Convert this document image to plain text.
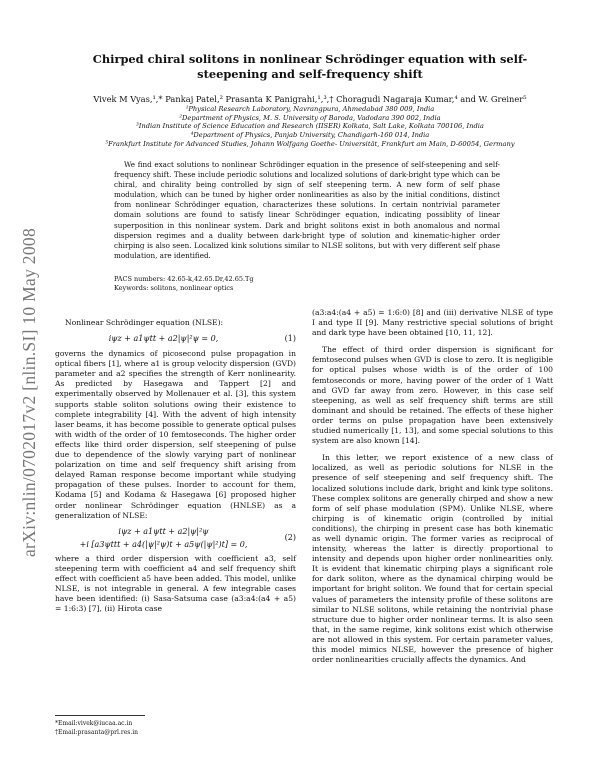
arXiv:nlin/0702017v2 [nlin.SI] 10 May 2008
Chirped chiral solitons in nonlinear Schrödinger equation with self-steepening and self-frequency shift
Vivek M Vyas,¹,* Pankaj Patel,² Prasanta K Panigrahi,¹,³,† Choragudi Nagaraja Kumar,⁴ and W. Greiner⁵
¹Physical Research Laboratory, Navrangpura, Ahmedabad 380 009, India
²Department of Physics, M. S. University of Baroda, Vadodara 390 002, India
³Indian Institute of Science Education and Research (IISER) Kolkata, Salt Lake, Kolkata 700106, India
⁴Department of Physics, Panjab University, Chandigarh-160 014, India
⁵Frankfurt Institute for Advanced Studies, Johann Wolfgang Goethe- Universität, Frankfurt am Main, D-60054, Germany
We find exact solutions to nonlinear Schrödinger equation in the presence of self-steepening and self-frequency shift. These include periodic solutions and localized solutions of dark-bright type which can be chiral, and chirality being controlled by sign of self steepening term. A new form of self phase modulation, which can be tuned by higher order nonlinearities as also by the initial conditions, distinct from nonlinear Schrödinger equation, characterizes these solutions. In certain nontrivial parameter domain solutions are found to satisfy linear Schrödinger equation, indicating possiblity of linear superposition in this nonlinear system. Dark and bright solitons exist in both anomalous and normal dispersion regimes and a duality between dark-bright type of solution and kinematic-higher order chirping is also seen. Localized kink solutions similar to NLSE solitons, but with very different self phase modulation, are identified.
PACS numbers: 42.65-k,42.65.Dr,42.65.Tg
Keywords: solitons, nonlinear optics

Nonlinear Schrödinger equation (NLSE):

iψz + a1ψtt + a2|ψ|²ψ = 0,	(1)

governs the dynamics of picosecond pulse propagation in optical fibers [1], where a1 is group velocity dispersion (GVD) parameter and a2 specifies the strength of Kerr nonlinearity. As predicted by Hasegawa and Tappert [2] and experimentally observed by Mollenauer et al. [3], this system supports stable soliton solutions owing their existence to complete integrability [4]. With the advent of high intensity laser beams, it has become possible to generate optical pulses with width of the order of 10 femtoseconds. The higher order effects like third order dispersion, self steepening of pulse due to dependence of the slowly varying part of nonlinear polarization on time and self frequency shift arising from delayed Raman response become important while studying propagation of these pulses. Inorder to account for them, Kodama [5] and Kodama & Hasegawa [6] proposed higher order nonlinear Schrödinger equation (HNLSE) as a generalization of NLSE:

iψz + a1ψtt + a2|ψ|²ψ
+i [a3ψttt + a4(|ψ|²ψ)t + a5ψ(|ψ|²)t] = 0,
(2)

where a third order dispersion with coefficient a3, self steepening term with coefficient a4 and self frequency shift effect with coefficient a5 have been added. This model, unlike NLSE, is not integrable in general. A few integrable cases have been identified: (i) Sasa-Satsuma case (a3:a4:(a4 + a5) = 1:6:3) [7], (ii) Hirota case

(a3:a4:(a4 + a5) = 1:6:0) [8] and (iii) derivative NLSE of type I and type II [9]. Many restrictive special solutions of bright and dark type have been obtained [10, 11, 12].

The effect of third order dispersion is significant for femtosecond pulses when GVD is close to zero. It is negligible for optical pulses whose width is of the order of 100 femtoseconds or more, having power of the order of 1 Watt and GVD far away from zero. However, in this case self steepening, as well as self frequency shift terms are still dominant and should be retained. The effects of these higher order terms on pulse propagation have been extensively studied numerically [1, 13], and some special solutions to this system are also known [14].

In this letter, we report existence of a new class of localized, as well as periodic solutions for NLSE in the presence of self steepening and self frequency shift. The localized solutions include dark, bright and kink type solitons. These complex solitons are generally chirped and show a new form of self phase modulation (SPM). Unlike NLSE, where chirping is of kinematic origin (controlled by initial conditions), the chirping in present case has both kinematic as well dynamic origin. The former varies as reciprocal of intensity, whereas the latter is directly proportional to intensity and depends upon higher order nonlinearities only. It is evident that kinematic chirping plays a significant role for dark soliton, where as the dynamical chirping would be important for bright soliton. We found that for certain special values of parameters the intensity profile of these solitons are similar to NLSE solitons, while retaining the nontrivial phase structure due to higher order nonlinear terms. It is also seen that, in the same regime, kink solitons exist which otherwise are not allowed in this system. For certain parameter values, this model mimics NLSE, however the presence of higher order nonlinearities crucially affects the dynamics. And

*Email:vivek@iucaa.ac.in
†Email:prasanta@prl.res.in
